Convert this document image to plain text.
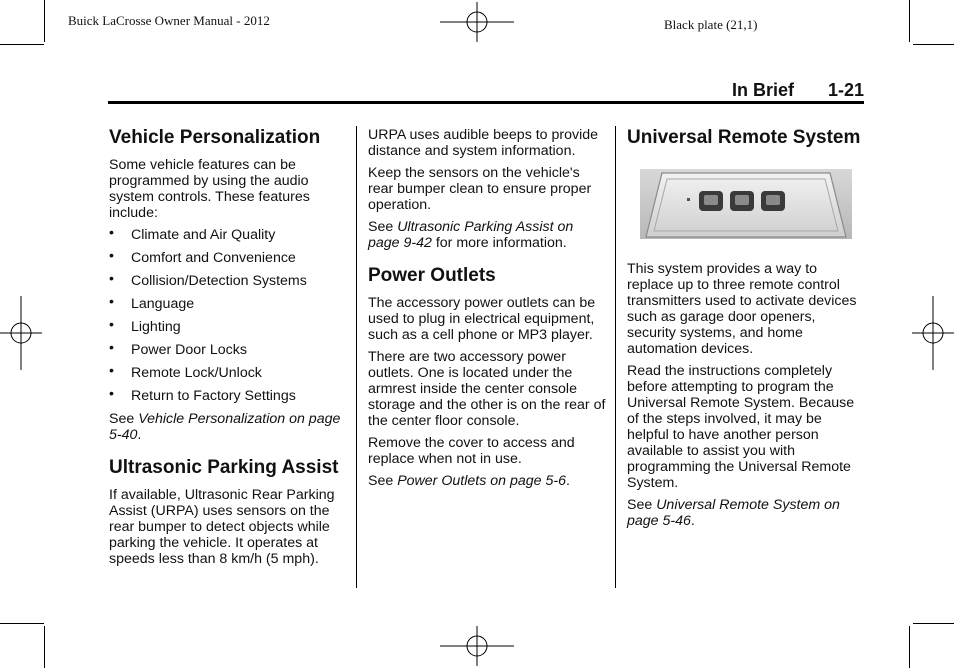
Buick LaCrosse Owner Manual - 2012	Black plate (21,1)
In Brief 1-21
Vehicle Personalization

Some vehicle features can be programmed by using the audio system controls. These features include:

• Climate and Air Quality
• Comfort and Convenience
• Collision/Detection Systems
• Language
• Lighting
• Power Door Locks
• Remote Lock/Unlock
• Return to Factory Settings

See Vehicle Personalization on page 5-40.

Ultrasonic Parking Assist

If available, Ultrasonic Rear Parking Assist (URPA) uses sensors on the rear bumper to detect objects while parking the vehicle. It operates at speeds less than 8 km/h (5 mph).

URPA uses audible beeps to provide distance and system information.

Keep the sensors on the vehicle's rear bumper clean to ensure proper operation.

See Ultrasonic Parking Assist on page 9-42 for more information.

Power Outlets

The accessory power outlets can be used to plug in electrical equipment, such as a cell phone or MP3 player.

There are two accessory power outlets. One is located under the armrest inside the center console storage and the other is on the rear of the center floor console.

Remove the cover to access and replace when not in use.

See Power Outlets on page 5-6.

Universal Remote System

This system provides a way to replace up to three remote control transmitters used to activate devices such as garage door openers, security systems, and home automation devices.

Read the instructions completely before attempting to program the Universal Remote System. Because of the steps involved, it may be helpful to have another person available to assist you with programming the Universal Remote System.

See Universal Remote System on page 5-46.
